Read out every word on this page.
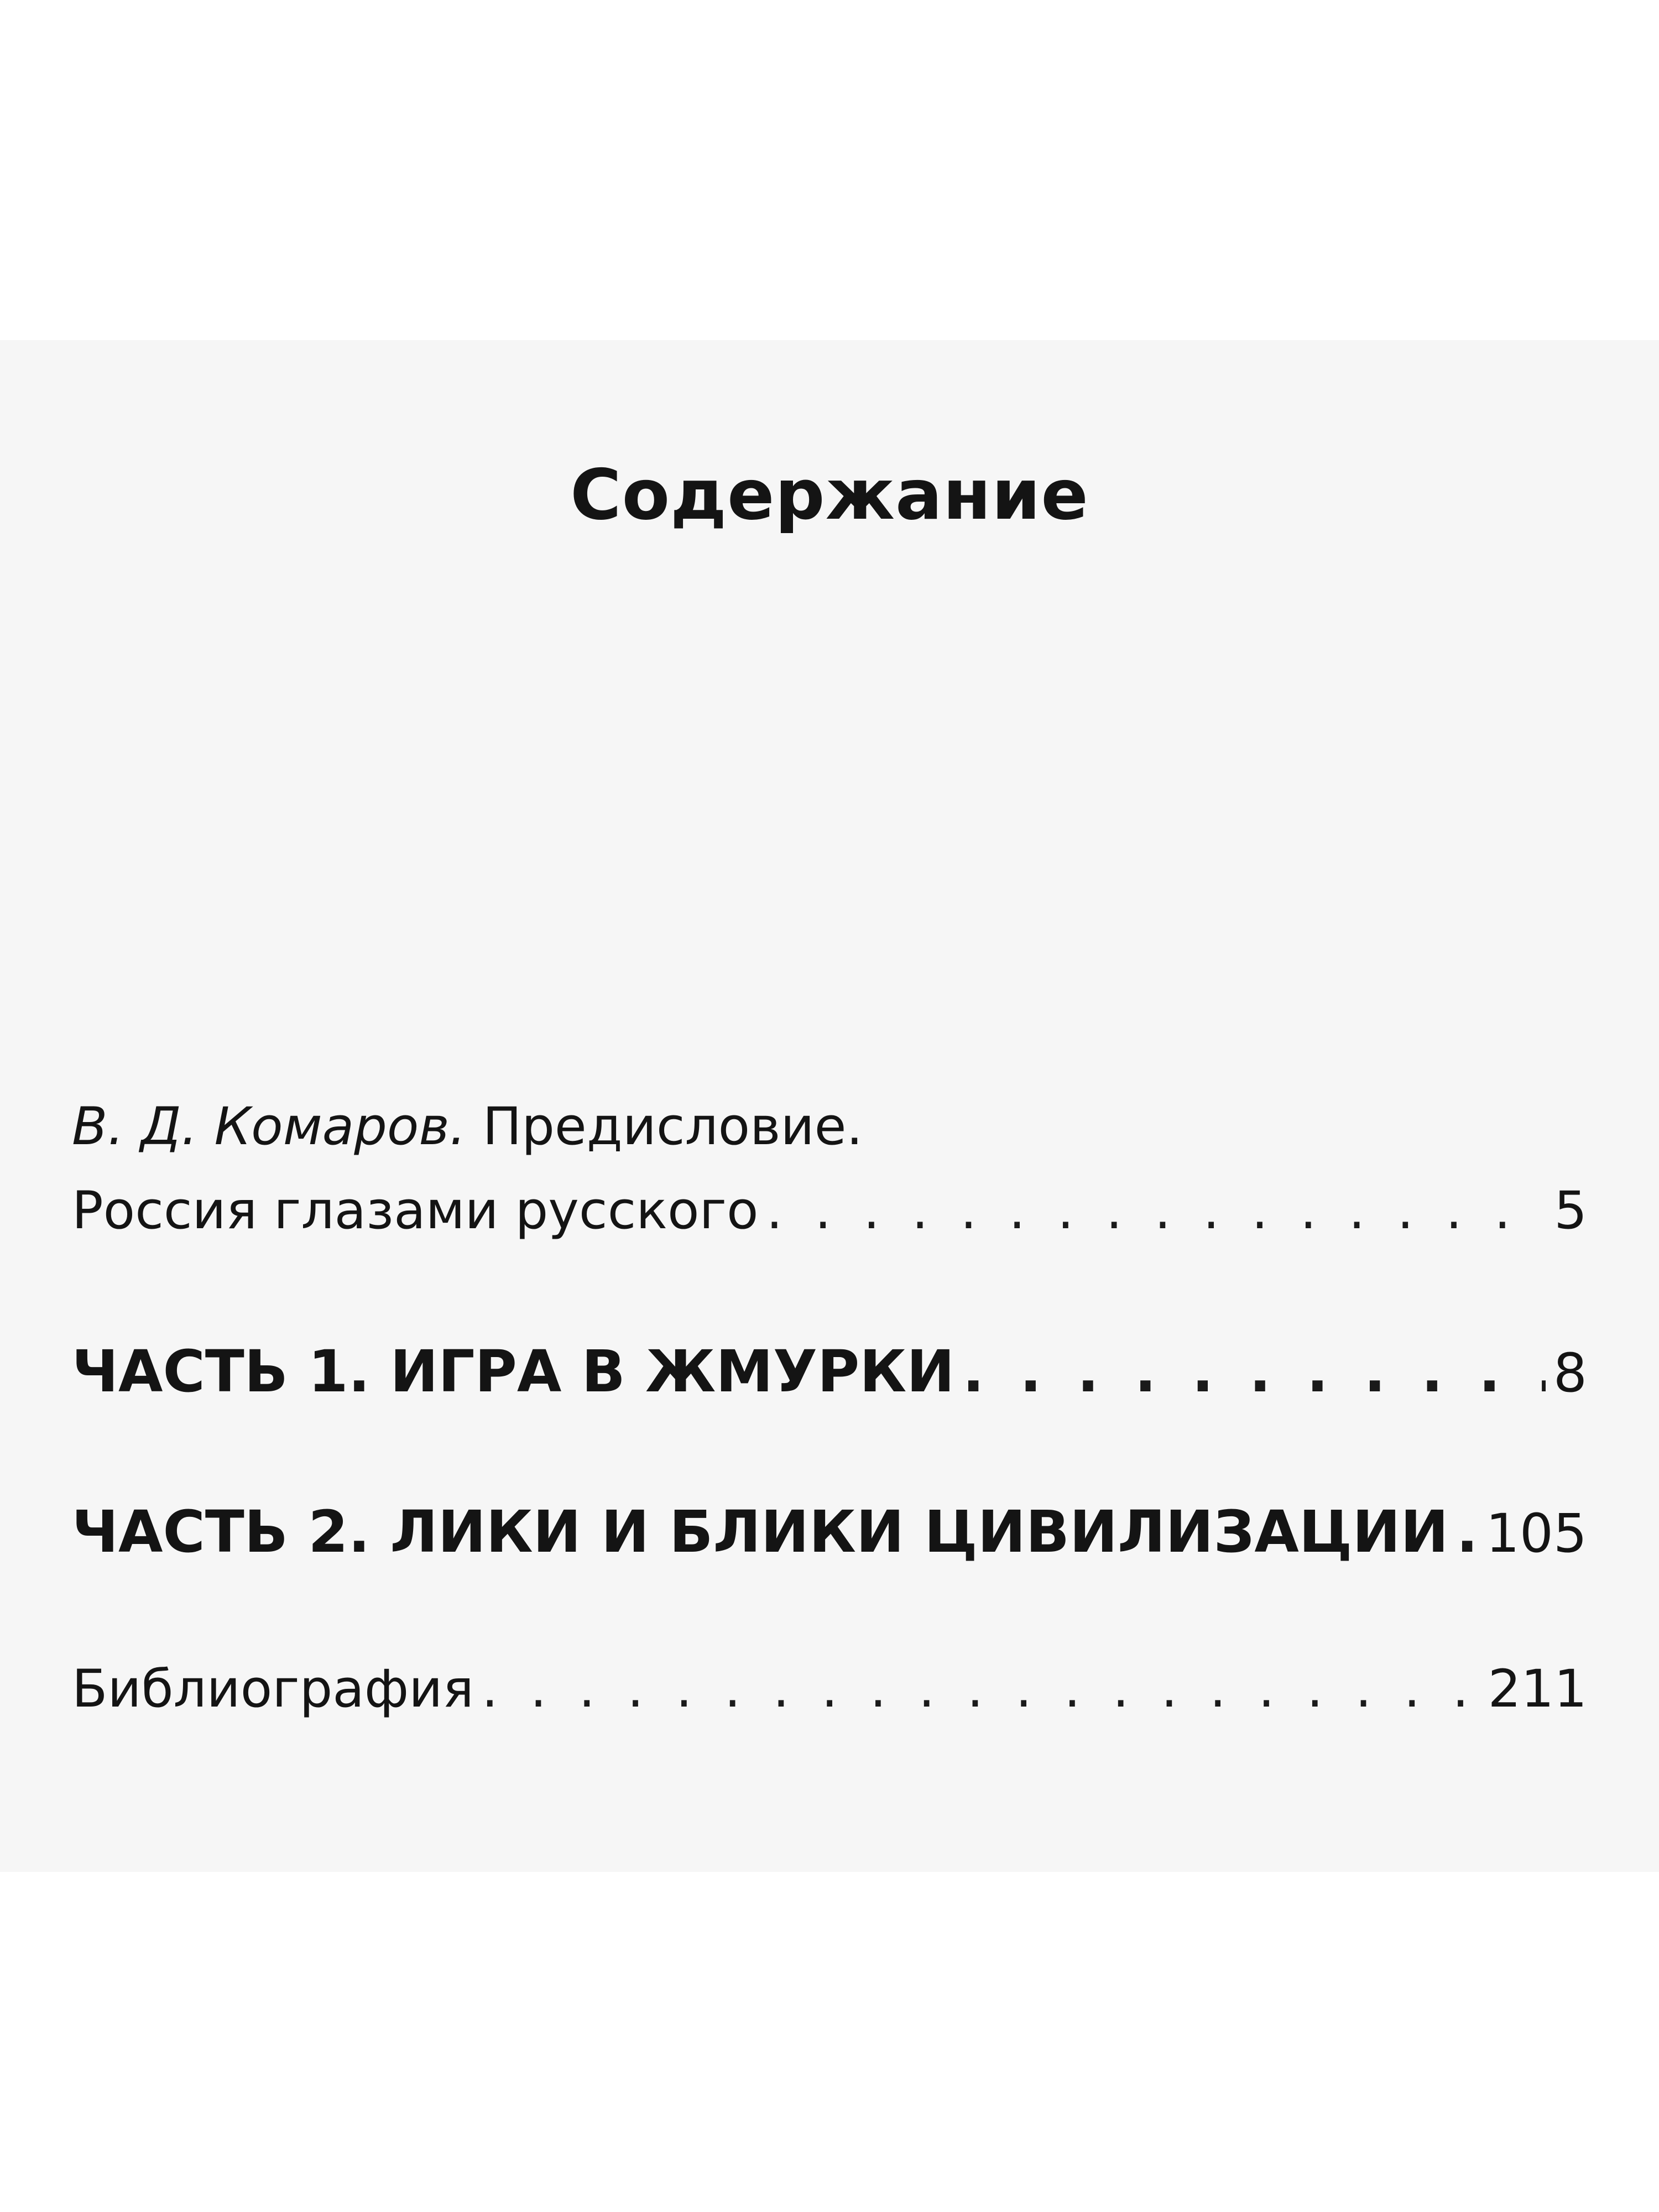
Содержание
В. Д. Комаров. Предисловие.
Россия глазами русского . . .	5
ЧАСТЬ 1. ИГРА В ЖМУРКИ . . .	8
ЧАСТЬ 2. ЛИКИ И БЛИКИ ЦИВИЛИЗАЦИИ . . . 105
Библиография . . .	211
